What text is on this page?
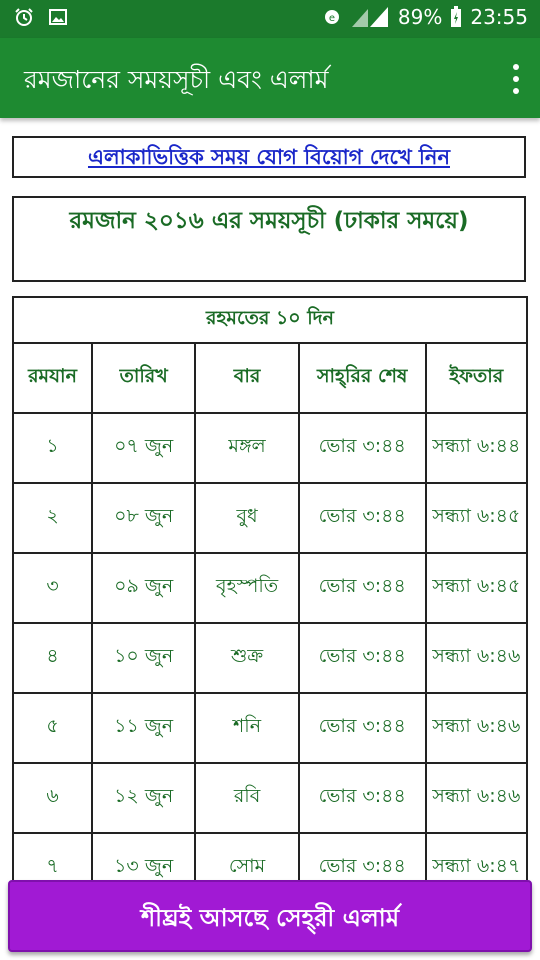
e	89% 23:55
রমজানের সময়সূচী এবং এলার্ম
এলাকাভিত্তিক সময় যোগ বিয়োগ দেখে নিন
রমজান ২০১৬ এর সময়সূচী (ঢাকার সময়ে)
রহমতের ১০ দিন				
রমযান	তারিখ	বার	সাহ্‌রির শেষ	ইফতার
১	০৭ জুন	মঙ্গল	ভোর ৩:৪৪	সন্ধ্যা ৬:৪৪
২	০৮ জুন	বুধ	ভোর ৩:৪৪	সন্ধ্যা ৬:৪৫
৩	০৯ জুন	বৃহস্পতি	ভোর ৩:৪৪	সন্ধ্যা ৬:৪৫
৪	১০ জুন	শুক্র	ভোর ৩:৪৪	সন্ধ্যা ৬:৪৬
৫	১১ জুন	শনি	ভোর ৩:৪৪	সন্ধ্যা ৬:৪৬
৬	১২ জুন	রবি	ভোর ৩:৪৪	সন্ধ্যা ৬:৪৬
৭	১৩ জুন	সোম	ভোর ৩:৪৪	সন্ধ্যা ৬:৪৭
শীঘ্রই আসছে সেহ্‌রী এলার্ম
